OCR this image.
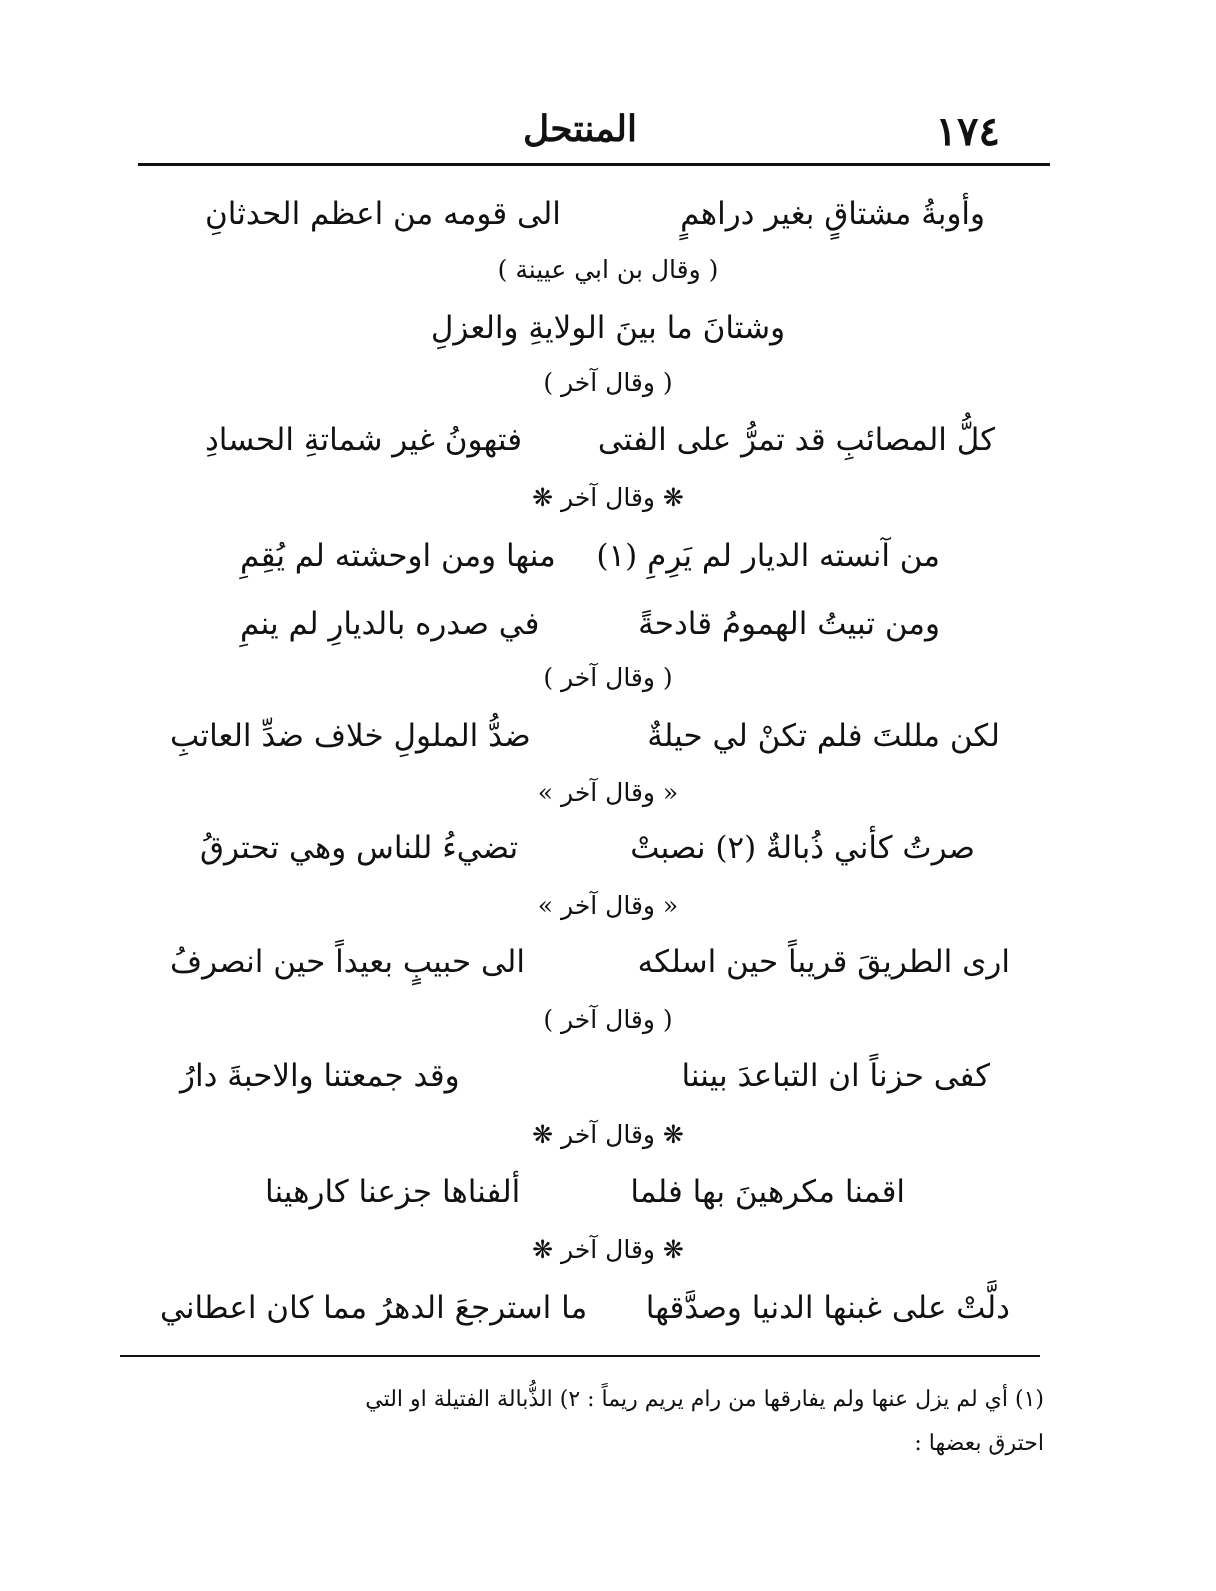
١٧٤
المنتحل
وأوبةُ مشتاقٍ بغير دراهمٍ
الى قومه من اعظم الحدثانِ
( وقال بن ابي عيينة )
وشتانَ ما بينَ الولايةِ والعزلِ
( وقال آخر )
كلُّ المصائبِ قد تمرُّ على الفتى
فتهونُ غير شماتةِ الحسادِ
❋ وقال آخر ❋
من آنسته الديار لم يَرِمِ (١)
منها ومن اوحشته لم يُقِمِ
ومن تبيتُ الهمومُ قادحةً
في صدره بالديارِ لم ينمِ
( وقال آخر )
لكن مللتَ فلم تكنْ لي حيلةٌ
ضدُّ الملولِ خلاف ضدِّ العاتبِ
« وقال آخر »
صرتُ كأني ذُبالةٌ (٢) نصبتْ
تضيءُ للناس وهي تحترقُ
« وقال آخر »
ارى الطريقَ قريباً حين اسلكه
الى حبيبٍ بعيداً حين انصرفُ
( وقال آخر )
كفى حزناً ان التباعدَ بيننا
وقد جمعتنا والاحبةَ دارُ
❋ وقال آخر ❋
اقمنا مكرهينَ بها فلما
ألفناها جزعنا كارهينا
❋ وقال آخر ❋
دلَّتْ على غبنها الدنيا وصدَّقها
ما استرجعَ الدهرُ مما كان اعطاني
(١) أي لم يزل عنها ولم يفارقها من رام يريم ريماً : ٢) الذُّبالة الفتيلة او التي
احترق بعضها :
